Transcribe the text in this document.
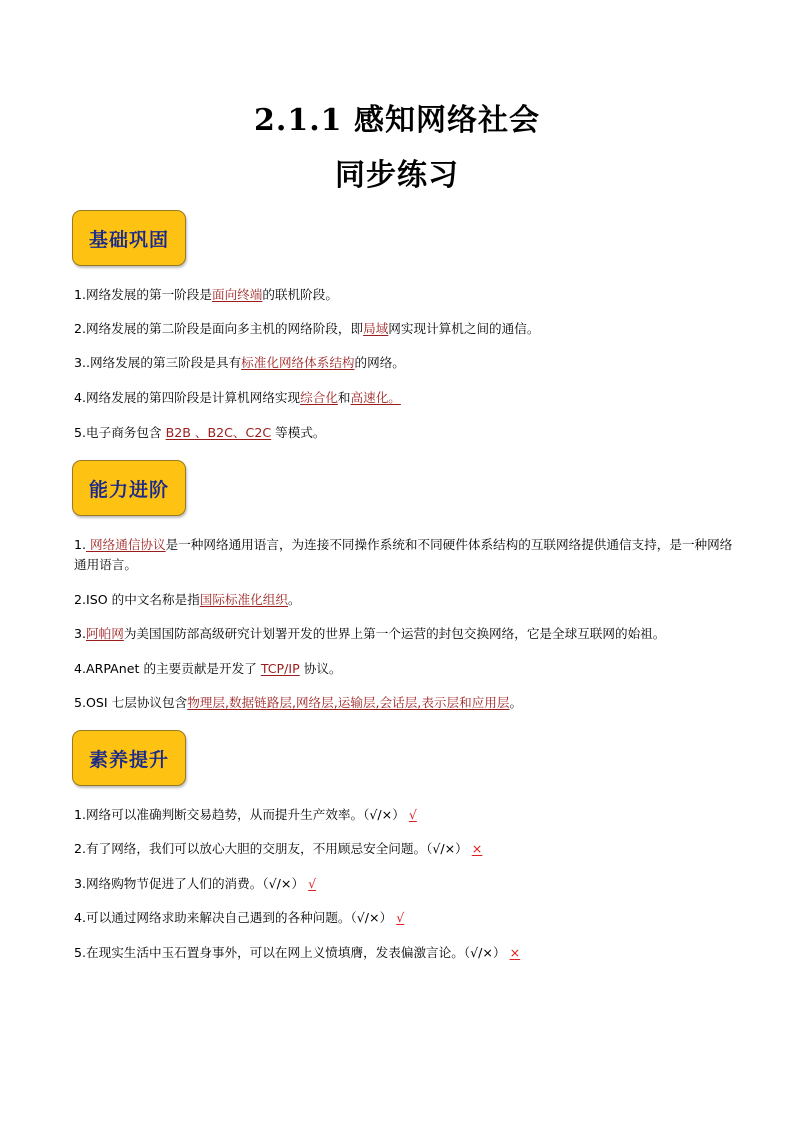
2.1.1 感知网络社会
同步练习
基础巩固
1.网络发展的第一阶段是面向终端的联机阶段。
2.网络发展的第二阶段是面向多主机的网络阶段，即局域网实现计算机之间的通信。
3..网络发展的第三阶段是具有标准化网络体系结构的网络。
4.网络发展的第四阶段是计算机网络实现综合化和高速化。
5.电子商务包含 B2B 、B2C、C2C 等模式。
能力进阶
1. 网络通信协议是一种网络通用语言，为连接不同操作系统和不同硬件体系结构的互联网络提供通信支持，是一种网络通用语言。
2.ISO 的中文名称是指国际标准化组织。
3.阿帕网为美国国防部高级研究计划署开发的世界上第一个运营的封包交换网络，它是全球互联网的始祖。
4.ARPAnet 的主要贡献是开发了 TCP/IP 协议。
5.OSI 七层协议包含物理层,数据链路层,网络层,运输层,会话层,表示层和应用层。
素养提升
1.网络可以准确判断交易趋势，从而提升生产效率。（√/×） √
2.有了网络，我们可以放心大胆的交朋友，不用顾忌安全问题。（√/×） ×
3.网络购物节促进了人们的消费。（√/×） √
4.可以通过网络求助来解决自己遇到的各种问题。（√/×） √
5.在现实生活中玉石置身事外，可以在网上义愤填膺，发表偏激言论。（√/×） ×
